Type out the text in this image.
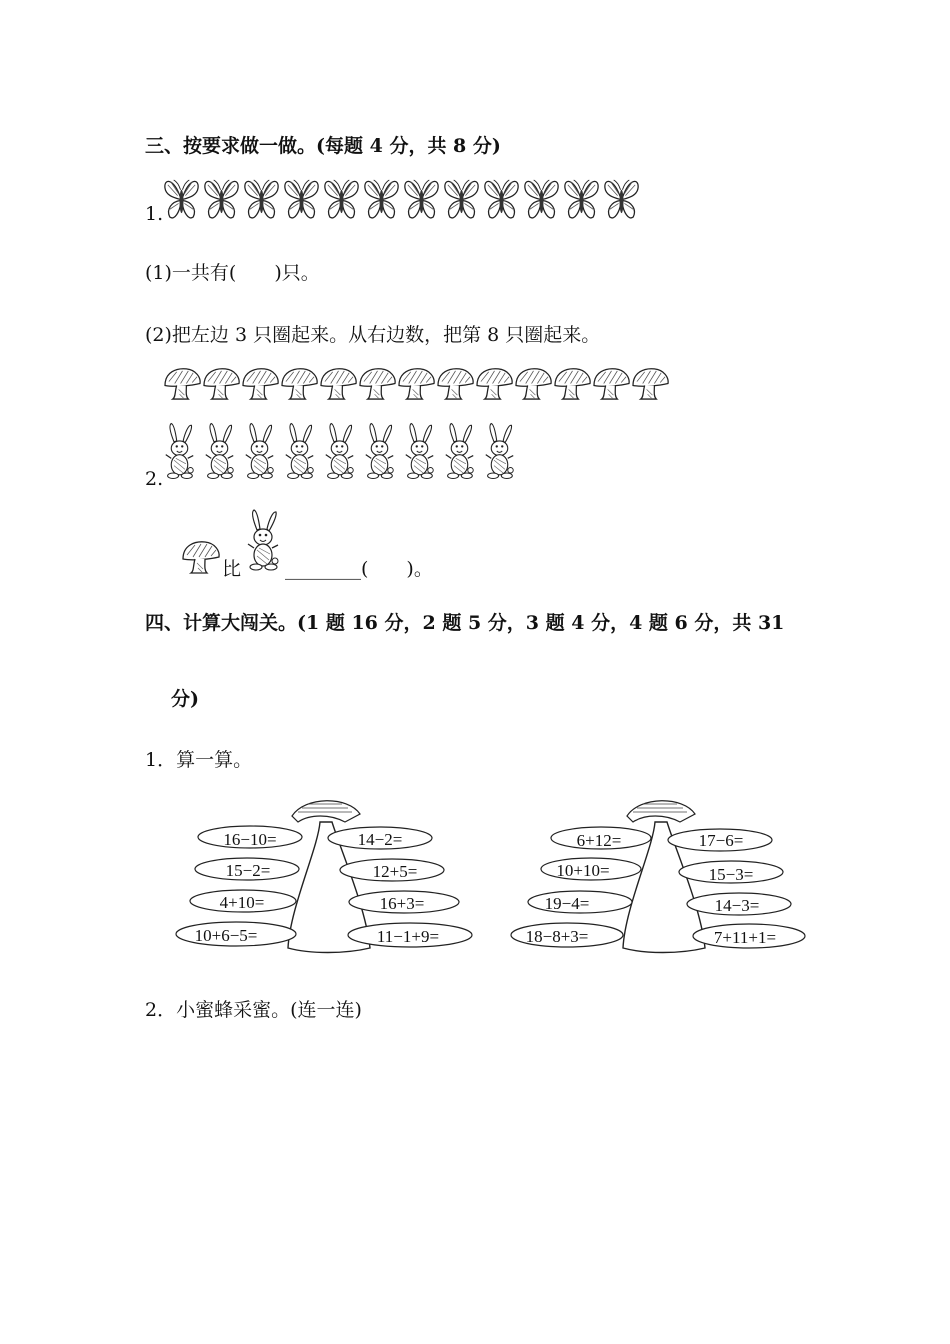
三、按要求做一做。(每题 4 分，共 8 分)
1.
(1)一共有(　　)只。
(2)把左边 3 只圈起来。从右边数，把第 8 只圈起来。
2.
比 ________(　　)。
四、计算大闯关。(1 题 16 分，2 题 5 分，3 题 4 分，4 题 6 分，共 31
分)
1．算一算。
16−10=
15−2=
4+10=
10+6−5=
14−2=
12+5=
16+3=
11−1+9=
6+12=
10+10=
19−4=
18−8+3=
17−6=
15−3=
14−3=
7+11+1=
2．小蜜蜂采蜜。(连一连)
